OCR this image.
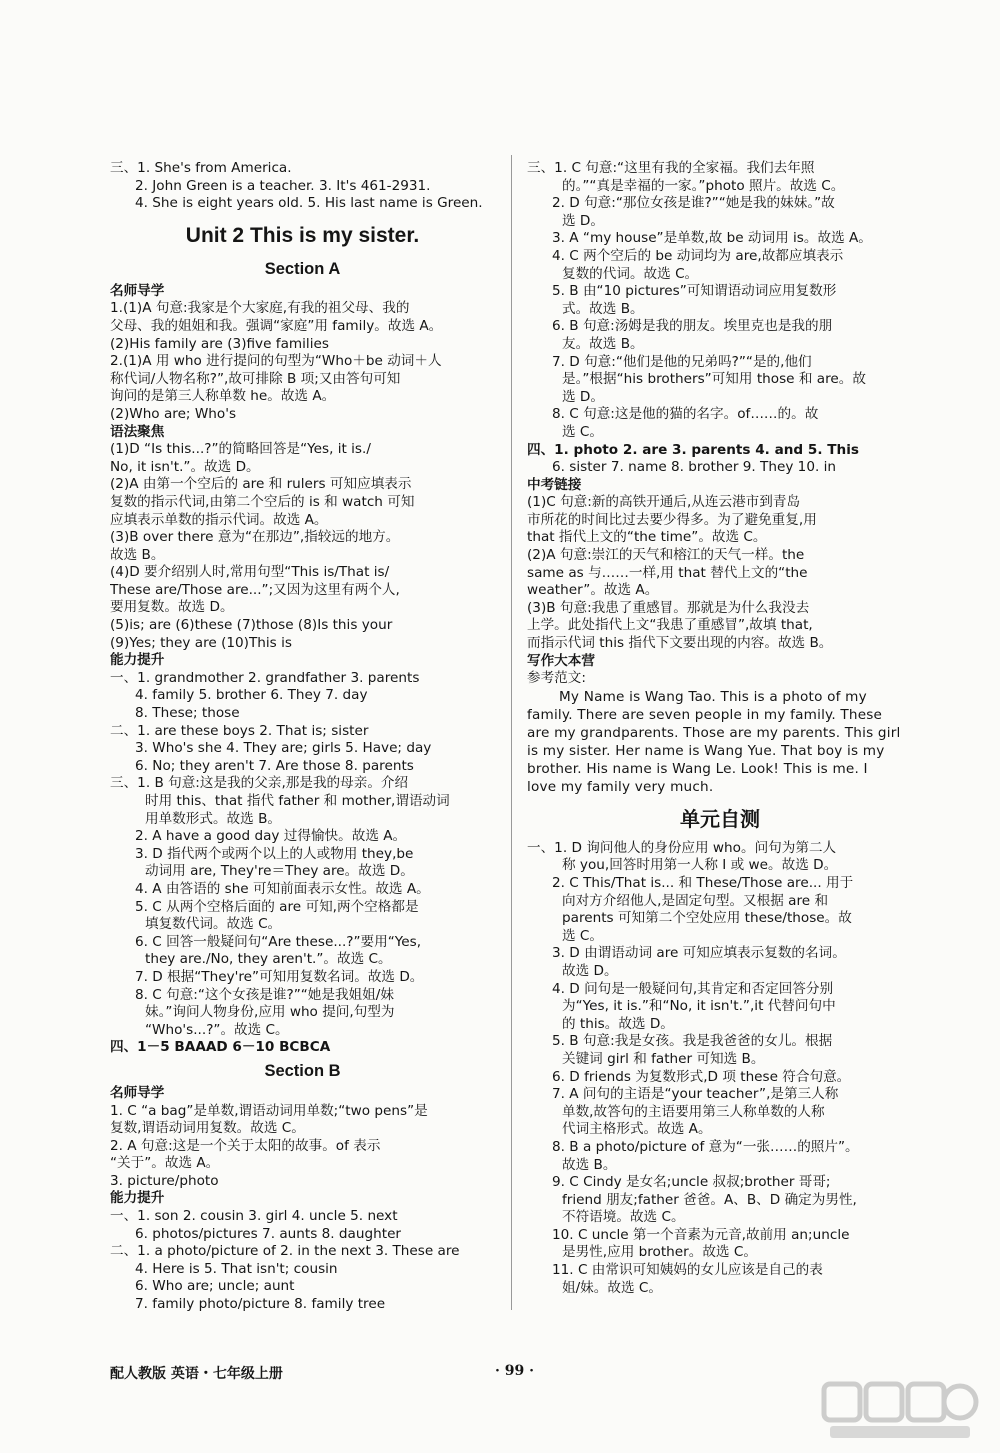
三、1. She's from America.
2. John Green is a teacher. 3. It's 461-2931.
4. She is eight years old. 5. His last name is Green.
Unit 2 This is my sister.
Section A
名师导学
1.(1)A 句意:我家是个大家庭,有我的祖父母、我的
父母、我的姐姐和我。强调“家庭”用 family。故选 A。
(2)His family are (3)five families
2.(1)A 用 who 进行提问的句型为“Who＋be 动词＋人
称代词/人物名称?”,故可排除 B 项;又由答句可知
询问的是第三人称单数 he。故选 A。
(2)Who are; Who's
语法聚焦
(1)D “Is this...?”的简略回答是“Yes, it is./
No, it isn't.”。故选 D。
(2)A 由第一个空后的 are 和 rulers 可知应填表示
复数的指示代词,由第二个空后的 is 和 watch 可知
应填表示单数的指示代词。故选 A。
(3)B over there 意为“在那边”,指较远的地方。
故选 B。
(4)D 要介绍别人时,常用句型“This is/That is/
These are/Those are...”;又因为这里有两个人,
要用复数。故选 D。
(5)is; are (6)these (7)those (8)Is this your
(9)Yes; they are (10)This is
能力提升
一、1. grandmother 2. grandfather 3. parents
4. family 5. brother 6. They 7. day
8. These; those
二、1. are these boys 2. That is; sister
3. Who's she 4. They are; girls 5. Have; day
6. No; they aren't 7. Are those 8. parents
三、1. B 句意:这是我的父亲,那是我的母亲。介绍
时用 this、that 指代 father 和 mother,谓语动词
用单数形式。故选 B。
2. A have a good day 过得愉快。故选 A。
3. D 指代两个或两个以上的人或物用 they,be
动词用 are, They're＝They are。故选 D。
4. A 由答语的 she 可知前面表示女性。故选 A。
5. C 从两个空格后面的 are 可知,两个空格都是
填复数代词。故选 C。
6. C 回答一般疑问句“Are these...?”要用“Yes,
they are./No, they aren't.”。故选 C。
7. D 根据“They're”可知用复数名词。故选 D。
8. C 句意:“这个女孩是谁?”“她是我姐姐/妹
妹。”询问人物身份,应用 who 提问,句型为
“Who's...?”。故选 C。
四、1－5 BAAAD 6－10 BCBCA
Section B
名师导学
1. C “a bag”是单数,谓语动词用单数;“two pens”是
复数,谓语动词用复数。故选 C。
2. A 句意:这是一个关于太阳的故事。of 表示
“关于”。故选 A。
3. picture/photo
能力提升
一、1. son 2. cousin 3. girl 4. uncle 5. next
6. photos/pictures 7. aunts 8. daughter
二、1. a photo/picture of 2. in the next 3. These are
4. Here is 5. That isn't; cousin
6. Who are; uncle; aunt
7. family photo/picture 8. family tree
三、1. C 句意:“这里有我的全家福。我们去年照
的。”“真是幸福的一家。”photo 照片。故选 C。
2. D 句意:“那位女孩是谁?”“她是我的妹妹。”故
选 D。
3. A “my house”是单数,故 be 动词用 is。故选 A。
4. C 两个空后的 be 动词均为 are,故都应填表示
复数的代词。故选 C。
5. B 由“10 pictures”可知谓语动词应用复数形
式。故选 B。
6. B 句意:汤姆是我的朋友。埃里克也是我的朋
友。故选 B。
7. D 句意:“他们是他的兄弟吗?”“是的,他们
是。”根据“his brothers”可知用 those 和 are。故
选 D。
8. C 句意:这是他的猫的名字。of……的。故
选 C。
四、1. photo 2. are 3. parents 4. and 5. This
6. sister 7. name 8. brother 9. They 10. in
中考链接
(1)C 句意:新的高铁开通后,从连云港市到青岛
市所花的时间比过去要少得多。为了避免重复,用
that 指代上文的“the time”。故选 C。
(2)A 句意:崇江的天气和榕江的天气一样。the
same as 与……一样,用 that 替代上文的“the
weather”。故选 A。
(3)B 句意:我患了重感冒。那就是为什么我没去
上学。此处指代上文“我患了重感冒”,故填 that,
而指示代词 this 指代下文要出现的内容。故选 B。
写作大本营
参考范文:
My Name is Wang Tao. This is a photo of my
family. There are seven people in my family. These
are my grandparents. Those are my parents. This girl
is my sister. Her name is Wang Yue. That boy is my
brother. His name is Wang Le. Look! This is me. I
love my family very much.
单元自测
一、1. D 询问他人的身份应用 who。问句为第二人
称 you,回答时用第一人称 I 或 we。故选 D。
2. C This/That is... 和 These/Those are... 用于
向对方介绍他人,是固定句型。又根据 are 和
parents 可知第二个空处应用 these/those。故
选 C。
3. D 由谓语动词 are 可知应填表示复数的名词。
故选 D。
4. D 问句是一般疑问句,其肯定和否定回答分别
为“Yes, it is.”和“No, it isn't.”,it 代替问句中
的 this。故选 D。
5. B 句意:我是女孩。我是我爸爸的女儿。根据
关键词 girl 和 father 可知选 B。
6. D friends 为复数形式,D 项 these 符合句意。
7. A 问句的主语是“your teacher”,是第三人称
单数,故答句的主语要用第三人称单数的人称
代词主格形式。故选 A。
8. B a photo/picture of 意为“一张……的照片”。
故选 B。
9. C Cindy 是女名;uncle 叔叔;brother 哥哥;
friend 朋友;father 爸爸。A、B、D 确定为男性,
不符语境。故选 C。
10. C uncle 第一个音素为元音,故前用 an;uncle
是男性,应用 brother。故选 C。
11. C 由常识可知姨妈的女儿应该是自己的表
姐/妹。故选 C。
配人教版 英语・七年级上册	· 99 ·
